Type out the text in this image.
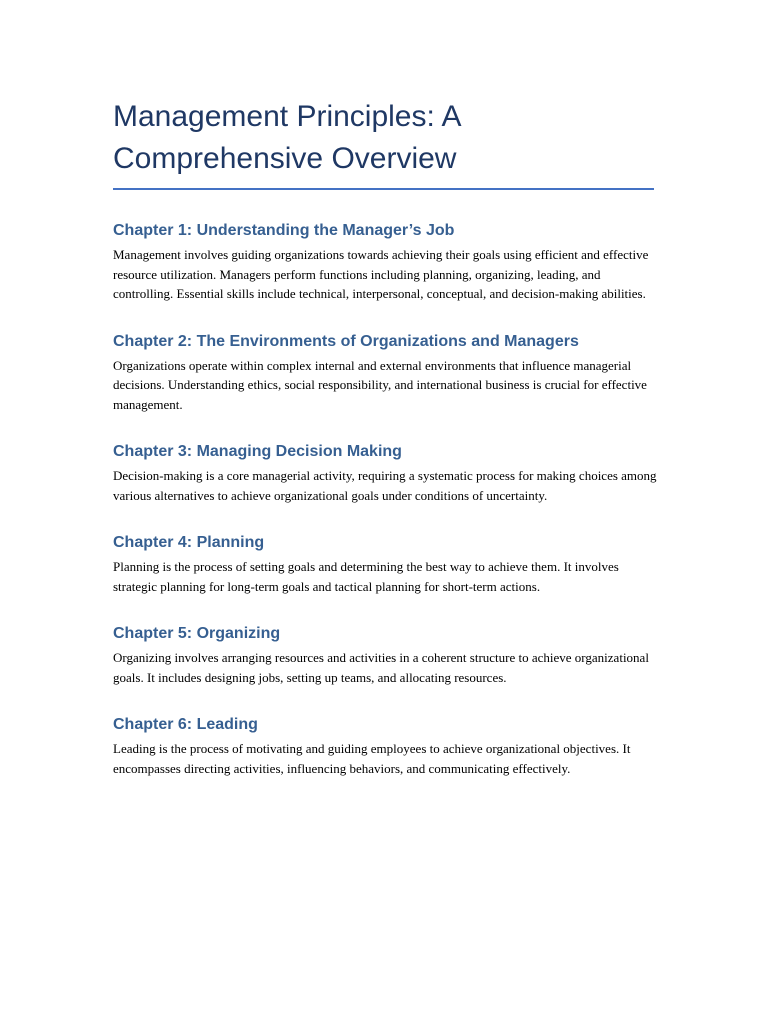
Management Principles: A Comprehensive Overview
Chapter 1: Understanding the Manager’s Job

Management involves guiding organizations towards achieving their goals using efficient and effective resource utilization. Managers perform functions including planning, organizing, leading, and controlling. Essential skills include technical, interpersonal, conceptual, and decision-making abilities.

Chapter 2: The Environments of Organizations and Managers

Organizations operate within complex internal and external environments that influence managerial decisions. Understanding ethics, social responsibility, and international business is crucial for effective management.

Chapter 3: Managing Decision Making

Decision-making is a core managerial activity, requiring a systematic process for making choices among various alternatives to achieve organizational goals under conditions of uncertainty.

Chapter 4: Planning

Planning is the process of setting goals and determining the best way to achieve them. It involves strategic planning for long-term goals and tactical planning for short-term actions.

Chapter 5: Organizing

Organizing involves arranging resources and activities in a coherent structure to achieve organizational goals. It includes designing jobs, setting up teams, and allocating resources.

Chapter 6: Leading

Leading is the process of motivating and guiding employees to achieve organizational objectives. It encompasses directing activities, influencing behaviors, and communicating effectively.
